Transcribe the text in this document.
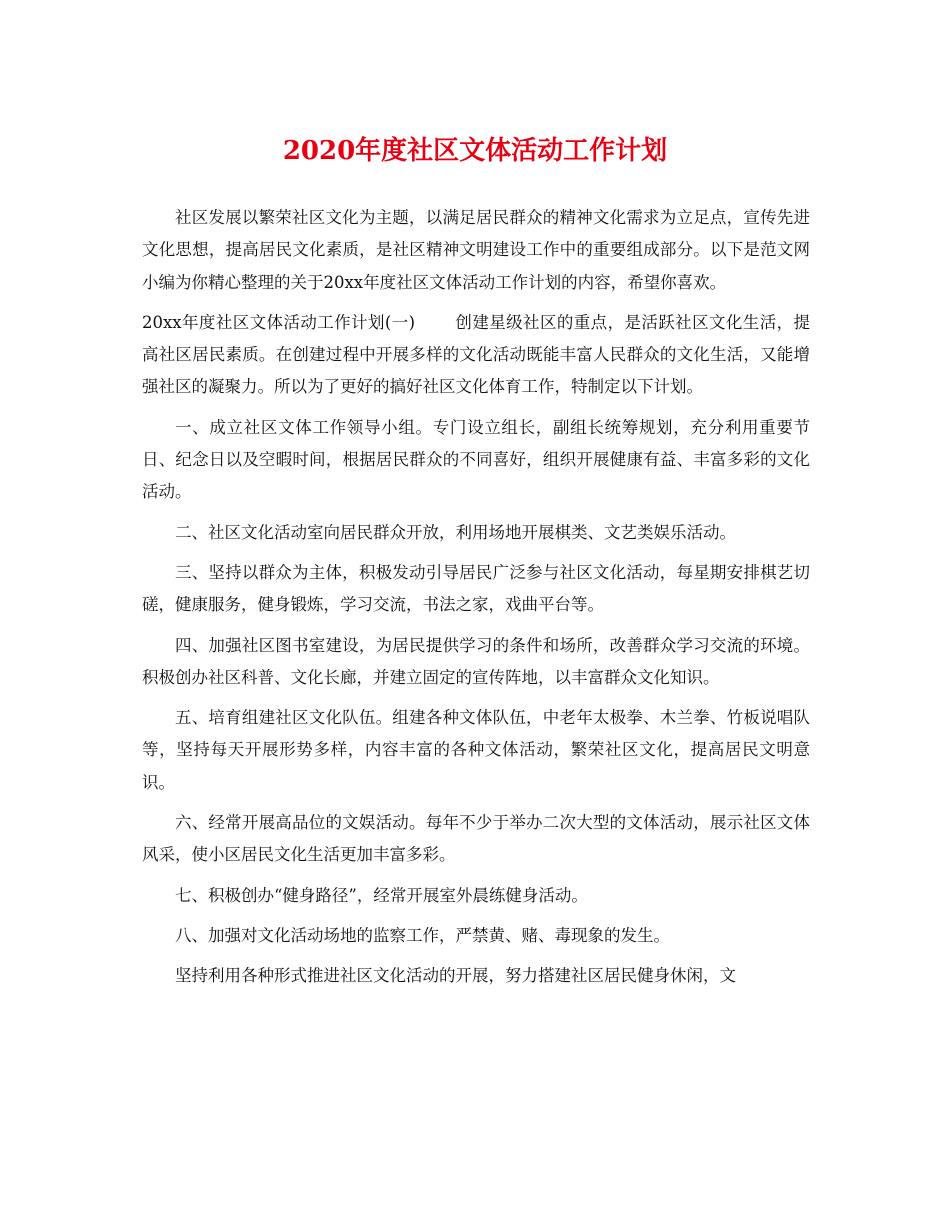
2020年度社区文体活动工作计划

社区发展以繁荣社区文化为主题，以满足居民群众的精神文化需求为立足点，宣传先进文化思想，提高居民文化素质，是社区精神文明建设工作中的重要组成部分。以下是范文网小编为你精心整理的关于20xx年度社区文体活动工作计划的内容，希望你喜欢。

20xx年度社区文体活动工作计划(一) 创建星级社区的重点，是活跃社区文化生活，提高社区居民素质。在创建过程中开展多样的文化活动既能丰富人民群众的文化生活，又能增强社区的凝聚力。所以为了更好的搞好社区文化体育工作，特制定以下计划。

一、成立社区文体工作领导小组。专门设立组长，副组长统筹规划，充分利用重要节日、纪念日以及空暇时间，根据居民群众的不同喜好，组织开展健康有益、丰富多彩的文化活动。

二、社区文化活动室向居民群众开放，利用场地开展棋类、文艺类娱乐活动。

三、坚持以群众为主体，积极发动引导居民广泛参与社区文化活动，每星期安排棋艺切磋，健康服务，健身锻炼，学习交流，书法之家，戏曲平台等。

四、加强社区图书室建设，为居民提供学习的条件和场所，改善群众学习交流的环境。积极创办社区科普、文化长廊，并建立固定的宣传阵地，以丰富群众文化知识。

五、培育组建社区文化队伍。组建各种文体队伍，中老年太极拳、木兰拳、竹板说唱队等，坚持每天开展形势多样，内容丰富的各种文体活动，繁荣社区文化，提高居民文明意识。

六、经常开展高品位的文娱活动。每年不少于举办二次大型的文体活动，展示社区文体风采，使小区居民文化生活更加丰富多彩。

七、积极创办“健身路径”，经常开展室外晨练健身活动。

八、加强对文化活动场地的监察工作，严禁黄、赌、毒现象的发生。

坚持利用各种形式推进社区文化活动的开展，努力搭建社区居民健身休闲，文
